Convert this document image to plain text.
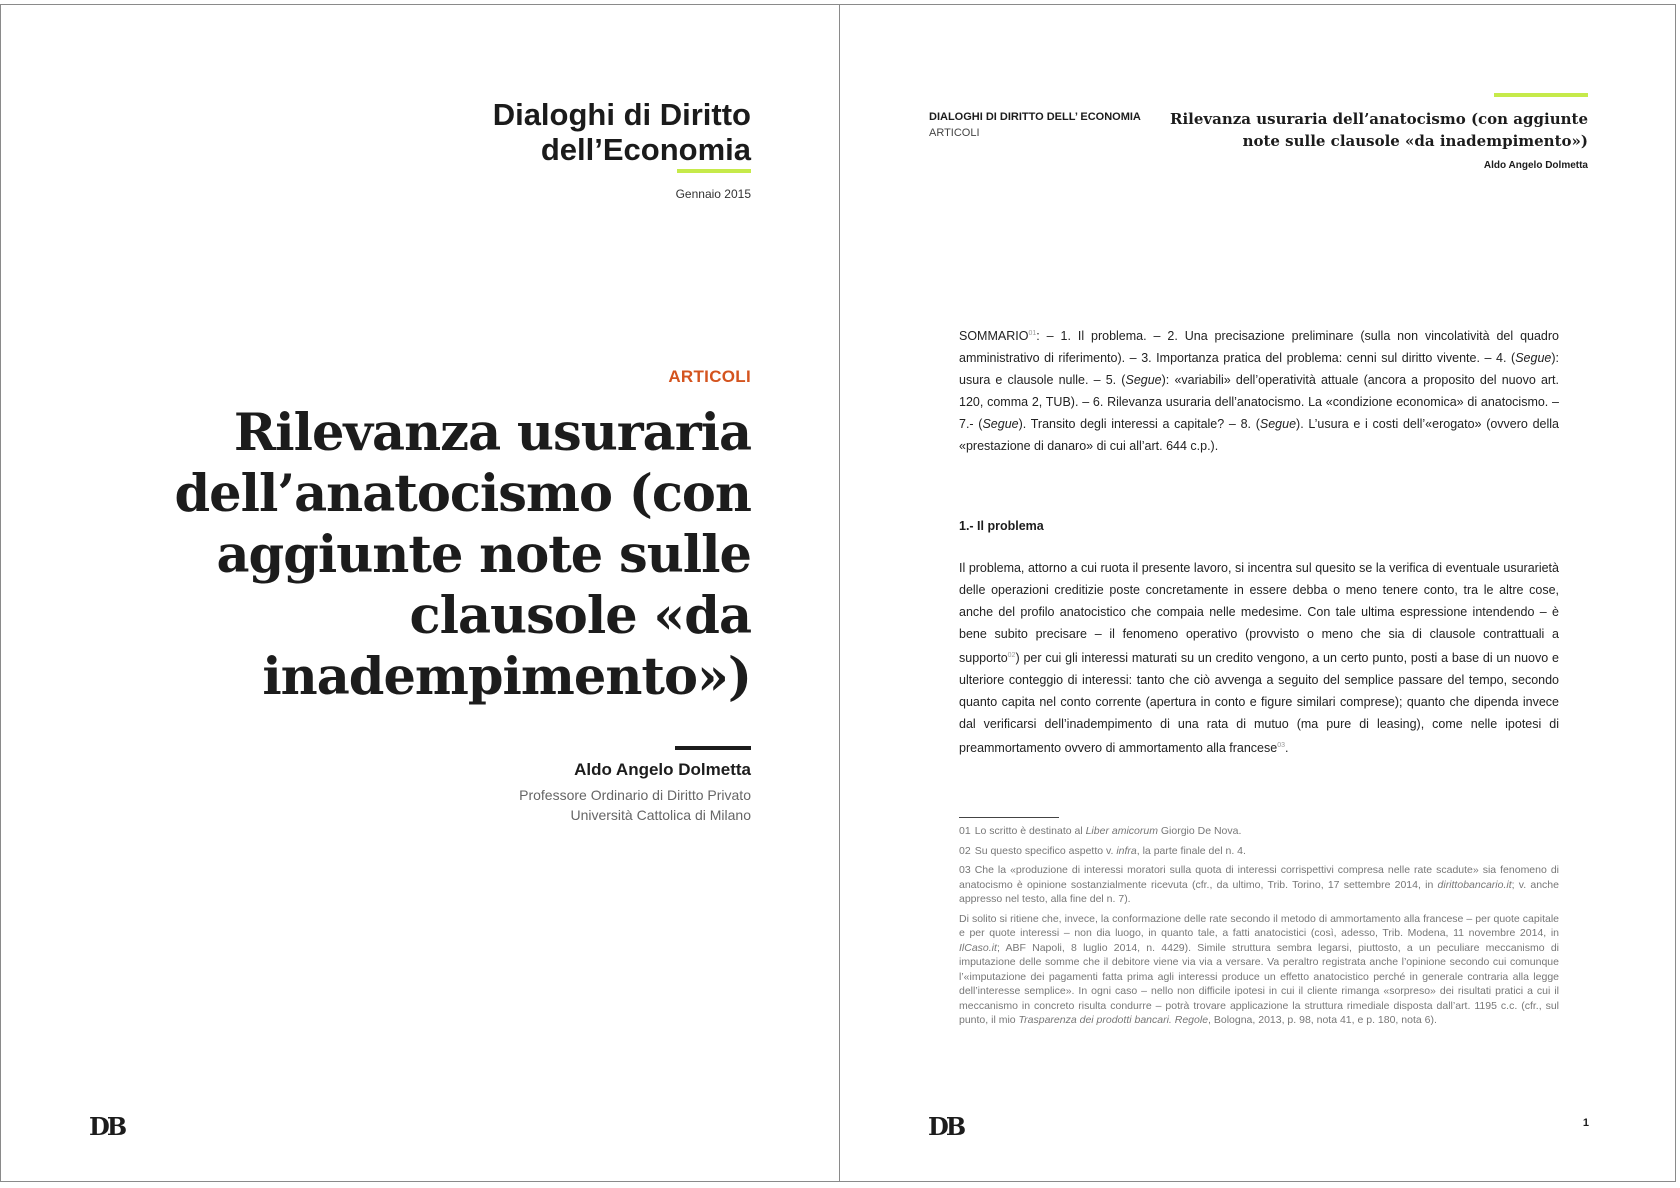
Dialoghi di Diritto
dell’Economia
Gennaio 2015
ARTICOLI
Rilevanza usuraria dell’anatocismo (con aggiunte note sulle clausole «da inadempimento»)
Aldo Angelo Dolmetta
Professore Ordinario di Diritto Privato
Università Cattolica di Milano
DB
DIALOGHI DI DIRITTO DELL’ ECONOMIA
ARTICOLI
Rilevanza usuraria dell’anatocismo (con aggiunte note sulle clausole «da inadempimento»)
Aldo Angelo Dolmetta
SOMMARIO$^{01}$: – 1. Il problema. – 2. Una precisazione preliminare (sulla non vincolatività del quadro amministrativo di riferimento). – 3. Importanza pratica del problema: cenni sul diritto vivente. – 4. (Segue): usura e clausole nulle. – 5. (Segue): «variabili» dell’operatività attuale (ancora a proposito del nuovo art. 120, comma 2, TUB). – 6. Rilevanza usuraria dell’anatocismo. La «condizione economica» di anatocismo. – 7.- (Segue). Transito degli interessi a capitale? – 8. (Segue). L’usura e i costi dell’«erogato» (ovvero della «prestazione di danaro» di cui all’art. 644 c.p.).
1.- Il problema
Il problema, attorno a cui ruota il presente lavoro, si incentra sul quesito se la verifica di eventuale usurarietà delle operazioni creditizie poste concretamente in essere debba o meno tenere conto, tra le altre cose, anche del profilo anatocistico che compaia nelle medesime. Con tale ultima espressione intendendo – è bene subito precisare – il fenomeno operativo (provvisto o meno che sia di clausole contrattuali a supporto$^{02}$) per cui gli interessi maturati su un credito vengono, a un certo punto, posti a base di un nuovo e ulteriore conteggio di interessi: tanto che ciò avvenga a seguito del semplice passare del tempo, secondo quanto capita nel conto corrente (apertura in conto e figure similari comprese); quanto che dipenda invece dal verificarsi dell’inadempimento di una rata di mutuo (ma pure di leasing), come nelle ipotesi di preammortamento ovvero di ammortamento alla francese$^{03}$.

01 Lo scritto è destinato al Liber amicorum Giorgio De Nova.

02 Su questo specifico aspetto v. infra, la parte finale del n. 4.

03 Che la «produzione di interessi moratori sulla quota di interessi corrispettivi compresa nelle rate scadute» sia fenomeno di anatocismo è opinione sostanzialmente ricevuta (cfr., da ultimo, Trib. Torino, 17 settembre 2014, in dirittobancario.it; v. anche appresso nel testo, alla fine del n. 7).

Di solito si ritiene che, invece, la conformazione delle rate secondo il metodo di ammortamento alla francese – per quote capitale e per quote interessi – non dia luogo, in quanto tale, a fatti anatocistici (così, adesso, Trib. Modena, 11 novembre 2014, in IlCaso.it; ABF Napoli, 8 luglio 2014, n. 4429). Simile struttura sembra legarsi, piuttosto, a un peculiare meccanismo di imputazione delle somme che il debitore viene via via a versare. Va peraltro registrata anche l’opinione secondo cui comunque l’«imputazione dei pagamenti fatta prima agli interessi produce un effetto anatocistico perché in generale contraria alla legge dell’interesse semplice». In ogni caso – nello non difficile ipotesi in cui il cliente rimanga «sorpreso» dei risultati pratici a cui il meccanismo in concreto risulta condurre – potrà trovare applicazione la struttura rimediale disposta dall’art. 1195 c.c. (cfr., sul punto, il mio Trasparenza dei prodotti bancari. Regole, Bologna, 2013, p. 98, nota 41, e p. 180, nota 6).

DB	1
